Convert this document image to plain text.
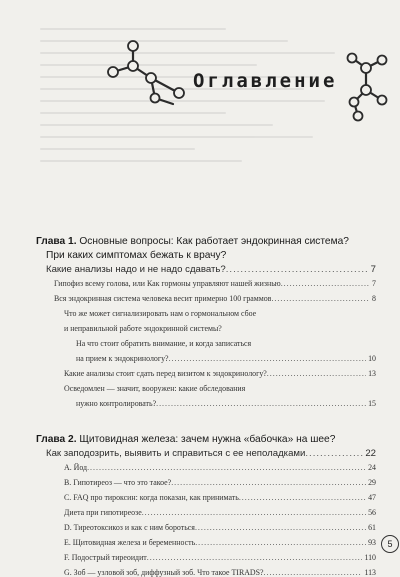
Оглавление
Глава 1.
Основные вопросы: Как работает эндокринная система?
При каких симптомах бежать к врачу?
Какие анализы надо и не надо сдавать? .....	7
Гипофиз всему голова, или Как гормоны управляют нашей жизнью .....	7
Вся эндокринная система человека весит примерно 100 граммов .....	8
Что же может сигнализировать нам о гормональном сбое
и неправильной работе эндокринной системы?
На что стоит обратить внимание, и когда записаться
на прием к эндокринологу? .....	10
Какие анализы стоит сдать перед визитом к эндокринологу? .....	13
Осведомлен — значит, вооружен: какие обследования
нужно контролировать? .....	15
Глава 2.
Щитовидная железа: зачем нужна «бабочка» на шее?
Как заподозрить, выявить и справиться с ее неполадками .....	22
A. Йод .....	24
B. Гипотиреоз — что это такое? .....	29
C. FAQ про тироксин: когда показан, как принимать .....	47
Диета при гипотиреозе .....	56
D. Тиреотоксикоз и как с ним бороться .....	61
E. Щитовидная железа и беременность .....	93
F. Подострый тиреоидит .....	110
G. Зоб — узловой зоб, диффузный зоб. Что такое TIRADS? .....	113
5
